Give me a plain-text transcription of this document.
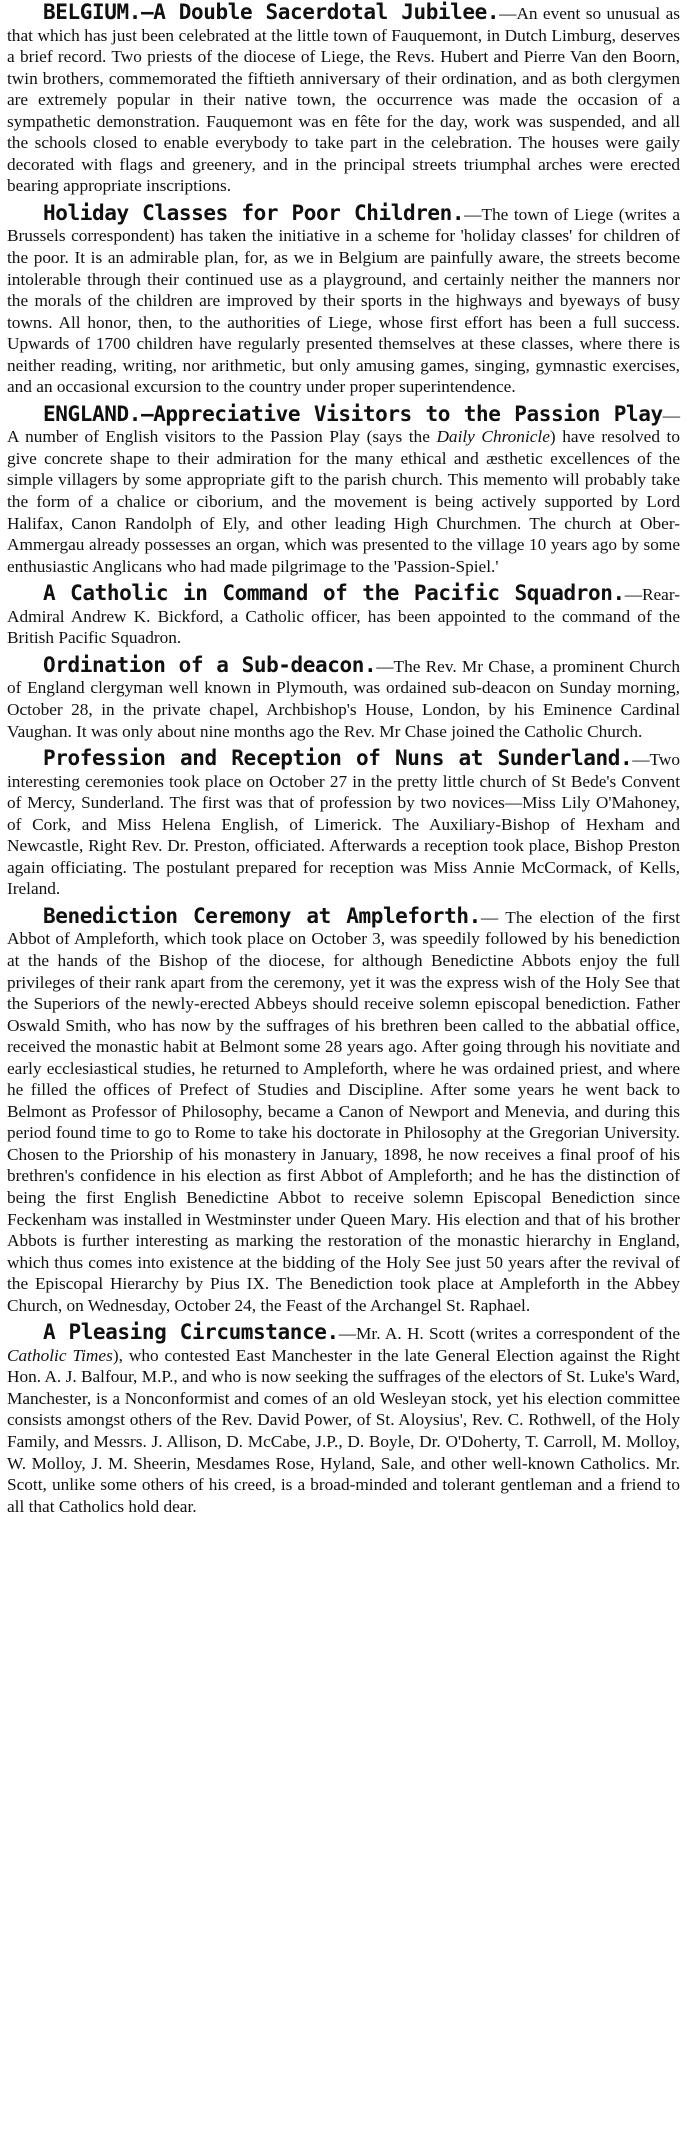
BELGIUM.—A Double Sacerdotal Jubilee.—An event so unusual as that which has just been celebrated at the little town of Fauquemont, in Dutch Limburg, deserves a brief record. Two priests of the diocese of Liege, the Revs. Hubert and Pierre Van den Boorn, twin brothers, commemorated the fiftieth anniversary of their ordination, and as both clergymen are extremely popular in their native town, the occurrence was made the occasion of a sympathetic demonstration. Fauquemont was en fête for the day, work was suspended, and all the schools closed to enable everybody to take part in the celebration. The houses were gaily decorated with flags and greenery, and in the principal streets triumphal arches were erected bearing appropriate inscriptions.

Holiday Classes for Poor Children.—The town of Liege (writes a Brussels correspondent) has taken the initiative in a scheme for 'holiday classes' for children of the poor. It is an admirable plan, for, as we in Belgium are painfully aware, the streets become intolerable through their continued use as a playground, and certainly neither the manners nor the morals of the children are improved by their sports in the highways and byeways of busy towns. All honor, then, to the authorities of Liege, whose first effort has been a full success. Upwards of 1700 children have regularly presented themselves at these classes, where there is neither reading, writing, nor arithmetic, but only amusing games, singing, gymnastic exercises, and an occasional excursion to the country under proper superintendence.

ENGLAND.—Appreciative Visitors to the Passion Play—A number of English visitors to the Passion Play (says the Daily Chronicle) have resolved to give concrete shape to their admiration for the many ethical and æsthetic excellences of the simple villagers by some appropriate gift to the parish church. This memento will probably take the form of a chalice or ciborium, and the movement is being actively supported by Lord Halifax, Canon Randolph of Ely, and other leading High Churchmen. The church at Ober-Ammergau already possesses an organ, which was presented to the village 10 years ago by some enthusiastic Anglicans who had made pilgrimage to the 'Passion-Spiel.'

A Catholic in Command of the Pacific Squadron.—Rear-Admiral Andrew K. Bickford, a Catholic officer, has been appointed to the command of the British Pacific Squadron.

Ordination of a Sub-deacon.—The Rev. Mr Chase, a prominent Church of England clergyman well known in Plymouth, was ordained sub-deacon on Sunday morning, October 28, in the private chapel, Archbishop's House, London, by his Eminence Cardinal Vaughan. It was only about nine months ago the Rev. Mr Chase joined the Catholic Church.

Profession and Reception of Nuns at Sunderland.—Two interesting ceremonies took place on October 27 in the pretty little church of St Bede's Convent of Mercy, Sunderland. The first was that of profession by two novices—Miss Lily O'Mahoney, of Cork, and Miss Helena English, of Limerick. The Auxiliary-Bishop of Hexham and Newcastle, Right Rev. Dr. Preston, officiated. Afterwards a reception took place, Bishop Preston again officiating. The postulant prepared for reception was Miss Annie McCormack, of Kells, Ireland.

Benediction Ceremony at Ampleforth.— The election of the first Abbot of Ampleforth, which took place on October 3, was speedily followed by his benediction at the hands of the Bishop of the diocese, for although Benedictine Abbots enjoy the full privileges of their rank apart from the ceremony, yet it was the express wish of the Holy See that the Superiors of the newly-erected Abbeys should receive solemn episcopal benediction. Father Oswald Smith, who has now by the suffrages of his brethren been called to the abbatial office, received the monastic habit at Belmont some 28 years ago. After going through his novitiate and early ecclesiastical studies, he returned to Ampleforth, where he was ordained priest, and where he filled the offices of Prefect of Studies and Discipline. After some years he went back to Belmont as Professor of Philosophy, became a Canon of Newport and Menevia, and during this period found time to go to Rome to take his doctorate in Philosophy at the Gregorian University. Chosen to the Priorship of his monastery in January, 1898, he now receives a final proof of his brethren's confidence in his election as first Abbot of Ampleforth; and he has the distinction of being the first English Benedictine Abbot to receive solemn Episcopal Benediction since Feckenham was installed in Westminster under Queen Mary. His election and that of his brother Abbots is further interesting as marking the restoration of the monastic hierarchy in England, which thus comes into existence at the bidding of the Holy See just 50 years after the revival of the Episcopal Hierarchy by Pius IX. The Benediction took place at Ampleforth in the Abbey Church, on Wednesday, October 24, the Feast of the Archangel St. Raphael.

A Pleasing Circumstance.—Mr. A. H. Scott (writes a correspondent of the Catholic Times), who contested East Manchester in the late General Election against the Right Hon. A. J. Balfour, M.P., and who is now seeking the suffrages of the electors of St. Luke's Ward, Manchester, is a Nonconformist and comes of an old Wesleyan stock, yet his election committee consists amongst others of the Rev. David Power, of St. Aloysius', Rev. C. Rothwell, of the Holy Family, and Messrs. J. Allison, D. McCabe, J.P., D. Boyle, Dr. O'Doherty, T. Carroll, M. Molloy, W. Molloy, J. M. Sheerin, Mesdames Rose, Hyland, Sale, and other well-known Catholics. Mr. Scott, unlike some others of his creed, is a broad-minded and tolerant gentleman and a friend to all that Catholics hold dear.
